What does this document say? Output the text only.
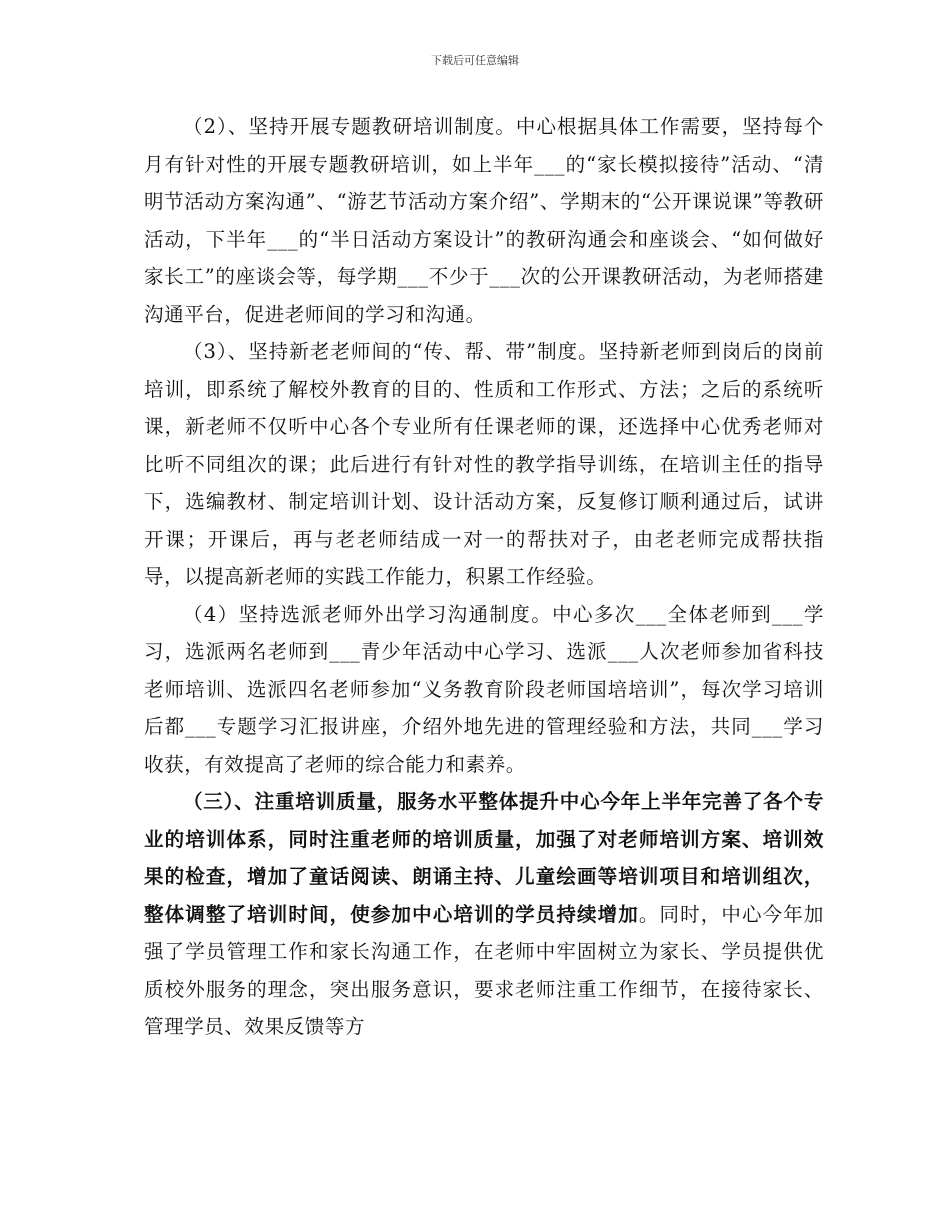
下载后可任意编辑

（2）、坚持开展专题教研培训制度。中心根据具体工作需要，坚持每个月有针对性的开展专题教研培训，如上半年___的“家长模拟接待”活动、“清明节活动方案沟通”、“游艺节活动方案介绍”、学期末的“公开课说课”等教研活动，下半年___的“半日活动方案设计”的教研沟通会和座谈会、“如何做好家长工”的座谈会等，每学期___不少于___次的公开课教研活动，为老师搭建沟通平台，促进老师间的学习和沟通。

（3）、坚持新老老师间的“传、帮、带”制度。坚持新老师到岗后的岗前培训，即系统了解校外教育的目的、性质和工作形式、方法；之后的系统听课，新老师不仅听中心各个专业所有任课老师的课，还选择中心优秀老师对比听不同组次的课；此后进行有针对性的教学指导训练，在培训主任的指导下，选编教材、制定培训计划、设计活动方案，反复修订顺利通过后，试讲开课；开课后，再与老老师结成一对一的帮扶对子，由老老师完成帮扶指导，以提高新老师的实践工作能力，积累工作经验。

（4）坚持选派老师外出学习沟通制度。中心多次___全体老师到___学习，选派两名老师到___青少年活动中心学习、选派___人次老师参加省科技老师培训、选派四名老师参加“义务教育阶段老师国培培训”，每次学习培训后都___专题学习汇报讲座，介绍外地先进的管理经验和方法，共同___学习收获，有效提高了老师的综合能力和素养。

（三）、注重培训质量，服务水平整体提升中心今年上半年完善了各个专业的培训体系，同时注重老师的培训质量，加强了对老师培训方案、培训效果的检查，增加了童话阅读、朗诵主持、儿童绘画等培训项目和培训组次，整体调整了培训时间，使参加中心培训的学员持续增加。同时，中心今年加强了学员管理工作和家长沟通工作，在老师中牢固树立为家长、学员提供优质校外服务的理念，突出服务意识，要求老师注重工作细节，在接待家长、管理学员、效果反馈等方
